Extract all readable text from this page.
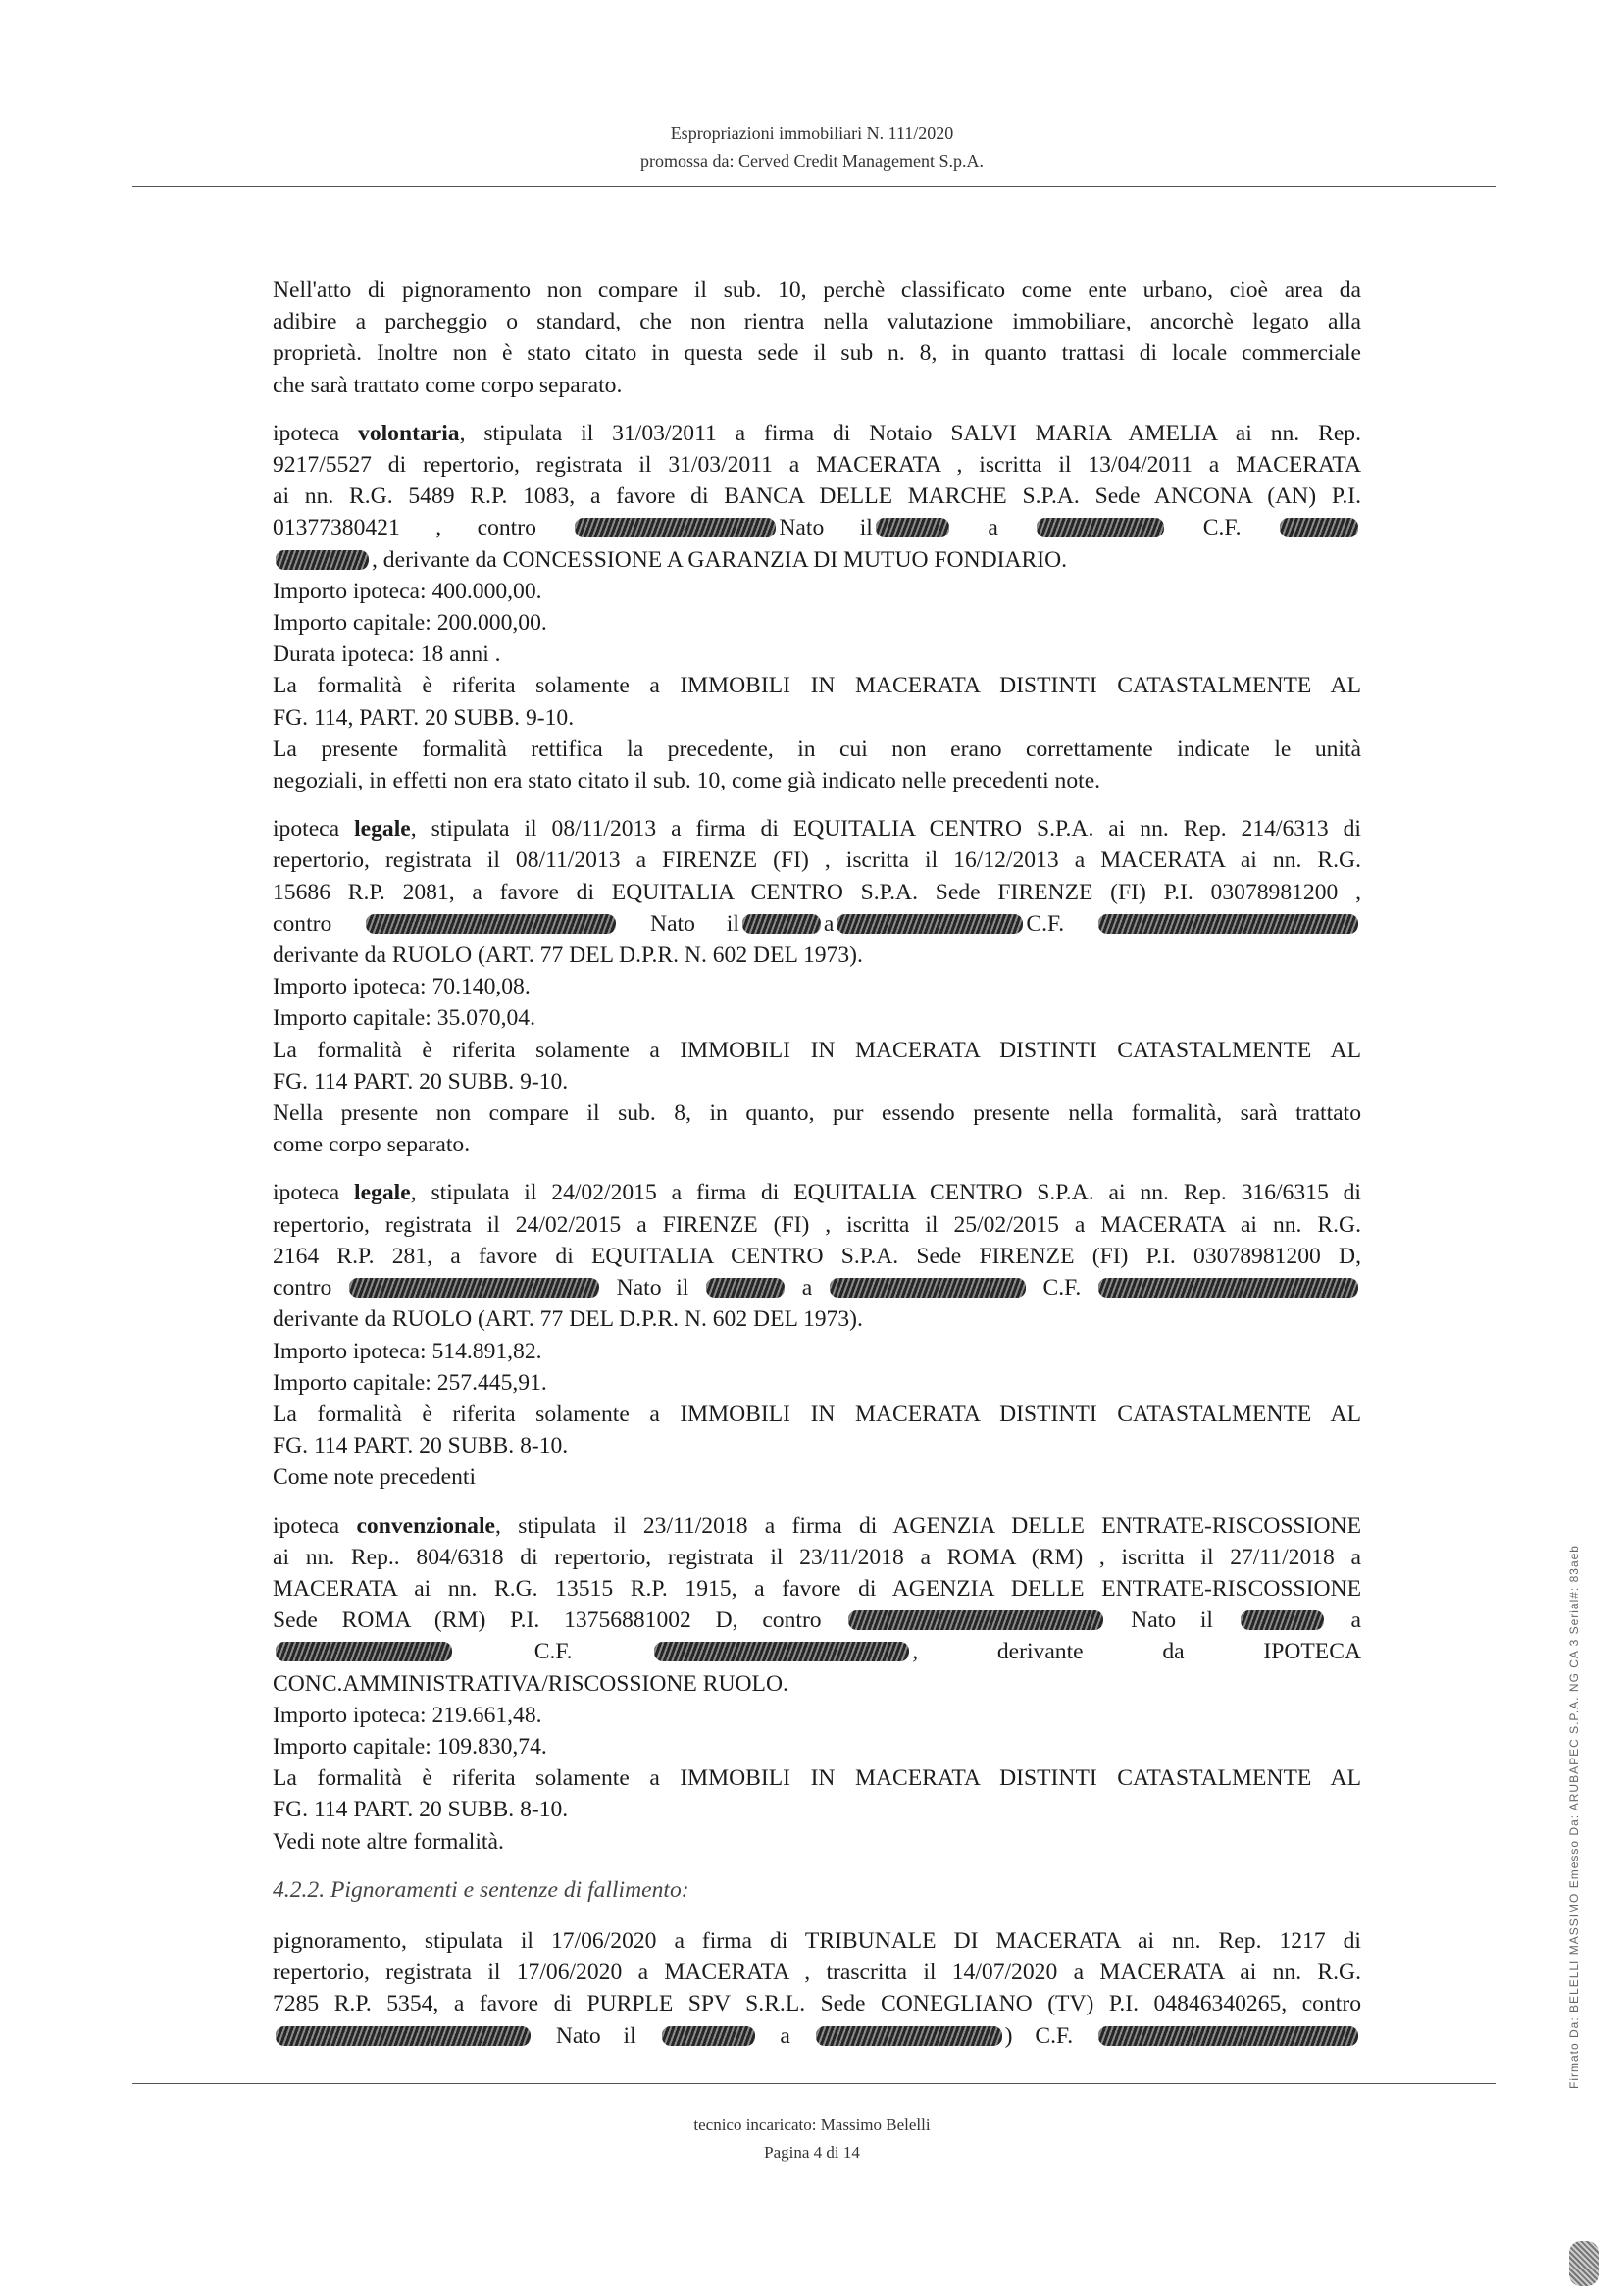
Espropriazioni immobiliari N. 111/2020
promossa da: Cerved Credit Management S.p.A.

Nell'atto di pignoramento non compare il sub. 10, perchè classificato come ente urbano, cioè area da
adibire a parcheggio o standard, che non rientra nella valutazione immobiliare, ancorchè legato alla
proprietà. Inoltre non è stato citato in questa sede il sub n. 8, in quanto trattasi di locale commerciale
che sarà trattato come corpo separato.

ipoteca volontaria, stipulata il 31/03/2011 a firma di Notaio SALVI MARIA AMELIA ai nn. Rep.
9217/5527 di repertorio, registrata il 31/03/2011 a MACERATA , iscritta il 13/04/2011 a MACERATA
ai nn. R.G. 5489 R.P. 1083, a favore di BANCA DELLE MARCHE S.P.A. Sede ANCONA (AN) P.I.
01377380421 , contro	Nato il	a	C.F.
, derivante da CONCESSIONE A GARANZIA DI MUTUO FONDIARIO.
Importo ipoteca: 400.000,00.
Importo capitale: 200.000,00.
Durata ipoteca: 18 anni .
La formalità è riferita solamente a IMMOBILI IN MACERATA DISTINTI CATASTALMENTE AL
FG. 114, PART. 20 SUBB. 9-10.
La presente formalità rettifica la precedente, in cui non erano correttamente indicate le unità
negoziali, in effetti non era stato citato il sub. 10, come già indicato nelle precedenti note.

ipoteca legale, stipulata il 08/11/2013 a firma di EQUITALIA CENTRO S.P.A. ai nn. Rep. 214/6313 di
repertorio, registrata il 08/11/2013 a FIRENZE (FI) , iscritta il 16/12/2013 a MACERATA ai nn. R.G.
15686 R.P. 2081, a favore di EQUITALIA CENTRO S.P.A. Sede FIRENZE (FI) P.I. 03078981200 ,
contro	Nato il	a	C.F.
derivante da RUOLO (ART. 77 DEL D.P.R. N. 602 DEL 1973).
Importo ipoteca: 70.140,08.
Importo capitale: 35.070,04.
La formalità è riferita solamente a IMMOBILI IN MACERATA DISTINTI CATASTALMENTE AL
FG. 114 PART. 20 SUBB. 9-10.
Nella presente non compare il sub. 8, in quanto, pur essendo presente nella formalità, sarà trattato
come corpo separato.

ipoteca legale, stipulata il 24/02/2015 a firma di EQUITALIA CENTRO S.P.A. ai nn. Rep. 316/6315 di
repertorio, registrata il 24/02/2015 a FIRENZE (FI) , iscritta il 25/02/2015 a MACERATA ai nn. R.G.
2164 R.P. 281, a favore di EQUITALIA CENTRO S.P.A. Sede FIRENZE (FI) P.I. 03078981200 D,
contro	Nato il	a	C.F.
derivante da RUOLO (ART. 77 DEL D.P.R. N. 602 DEL 1973).
Importo ipoteca: 514.891,82.
Importo capitale: 257.445,91.
La formalità è riferita solamente a IMMOBILI IN MACERATA DISTINTI CATASTALMENTE AL
FG. 114 PART. 20 SUBB. 8-10.
Come note precedenti

ipoteca convenzionale, stipulata il 23/11/2018 a firma di AGENZIA DELLE ENTRATE-RISCOSSIONE
ai nn. Rep.. 804/6318 di repertorio, registrata il 23/11/2018 a ROMA (RM) , iscritta il 27/11/2018 a
MACERATA ai nn. R.G. 13515 R.P. 1915, a favore di AGENZIA DELLE ENTRATE-RISCOSSIONE
Sede ROMA (RM) P.I. 13756881002 D, contro	Nato il	a
C.F.	, derivante da IPOTECA
CONC.AMMINISTRATIVA/RISCOSSIONE RUOLO.
Importo ipoteca: 219.661,48.
Importo capitale: 109.830,74.
La formalità è riferita solamente a IMMOBILI IN MACERATA DISTINTI CATASTALMENTE AL
FG. 114 PART. 20 SUBB. 8-10.
Vedi note altre formalità.

4.2.2. Pignoramenti e sentenze di fallimento:

pignoramento, stipulata il 17/06/2020 a firma di TRIBUNALE DI MACERATA ai nn. Rep. 1217 di
repertorio, registrata il 17/06/2020 a MACERATA , trascritta il 14/07/2020 a MACERATA ai nn. R.G.
7285 R.P. 5354, a favore di PURPLE SPV S.R.L. Sede CONEGLIANO (TV) P.I. 04846340265, contro
Nato il	a	) C.F.

tecnico incaricato: Massimo Belelli
Pagina 4 di 14
Firmato Da: BELELLI MASSIMO Emesso Da: ARUBAPEC S.P.A. NG CA 3 Serial#: 83aeb
